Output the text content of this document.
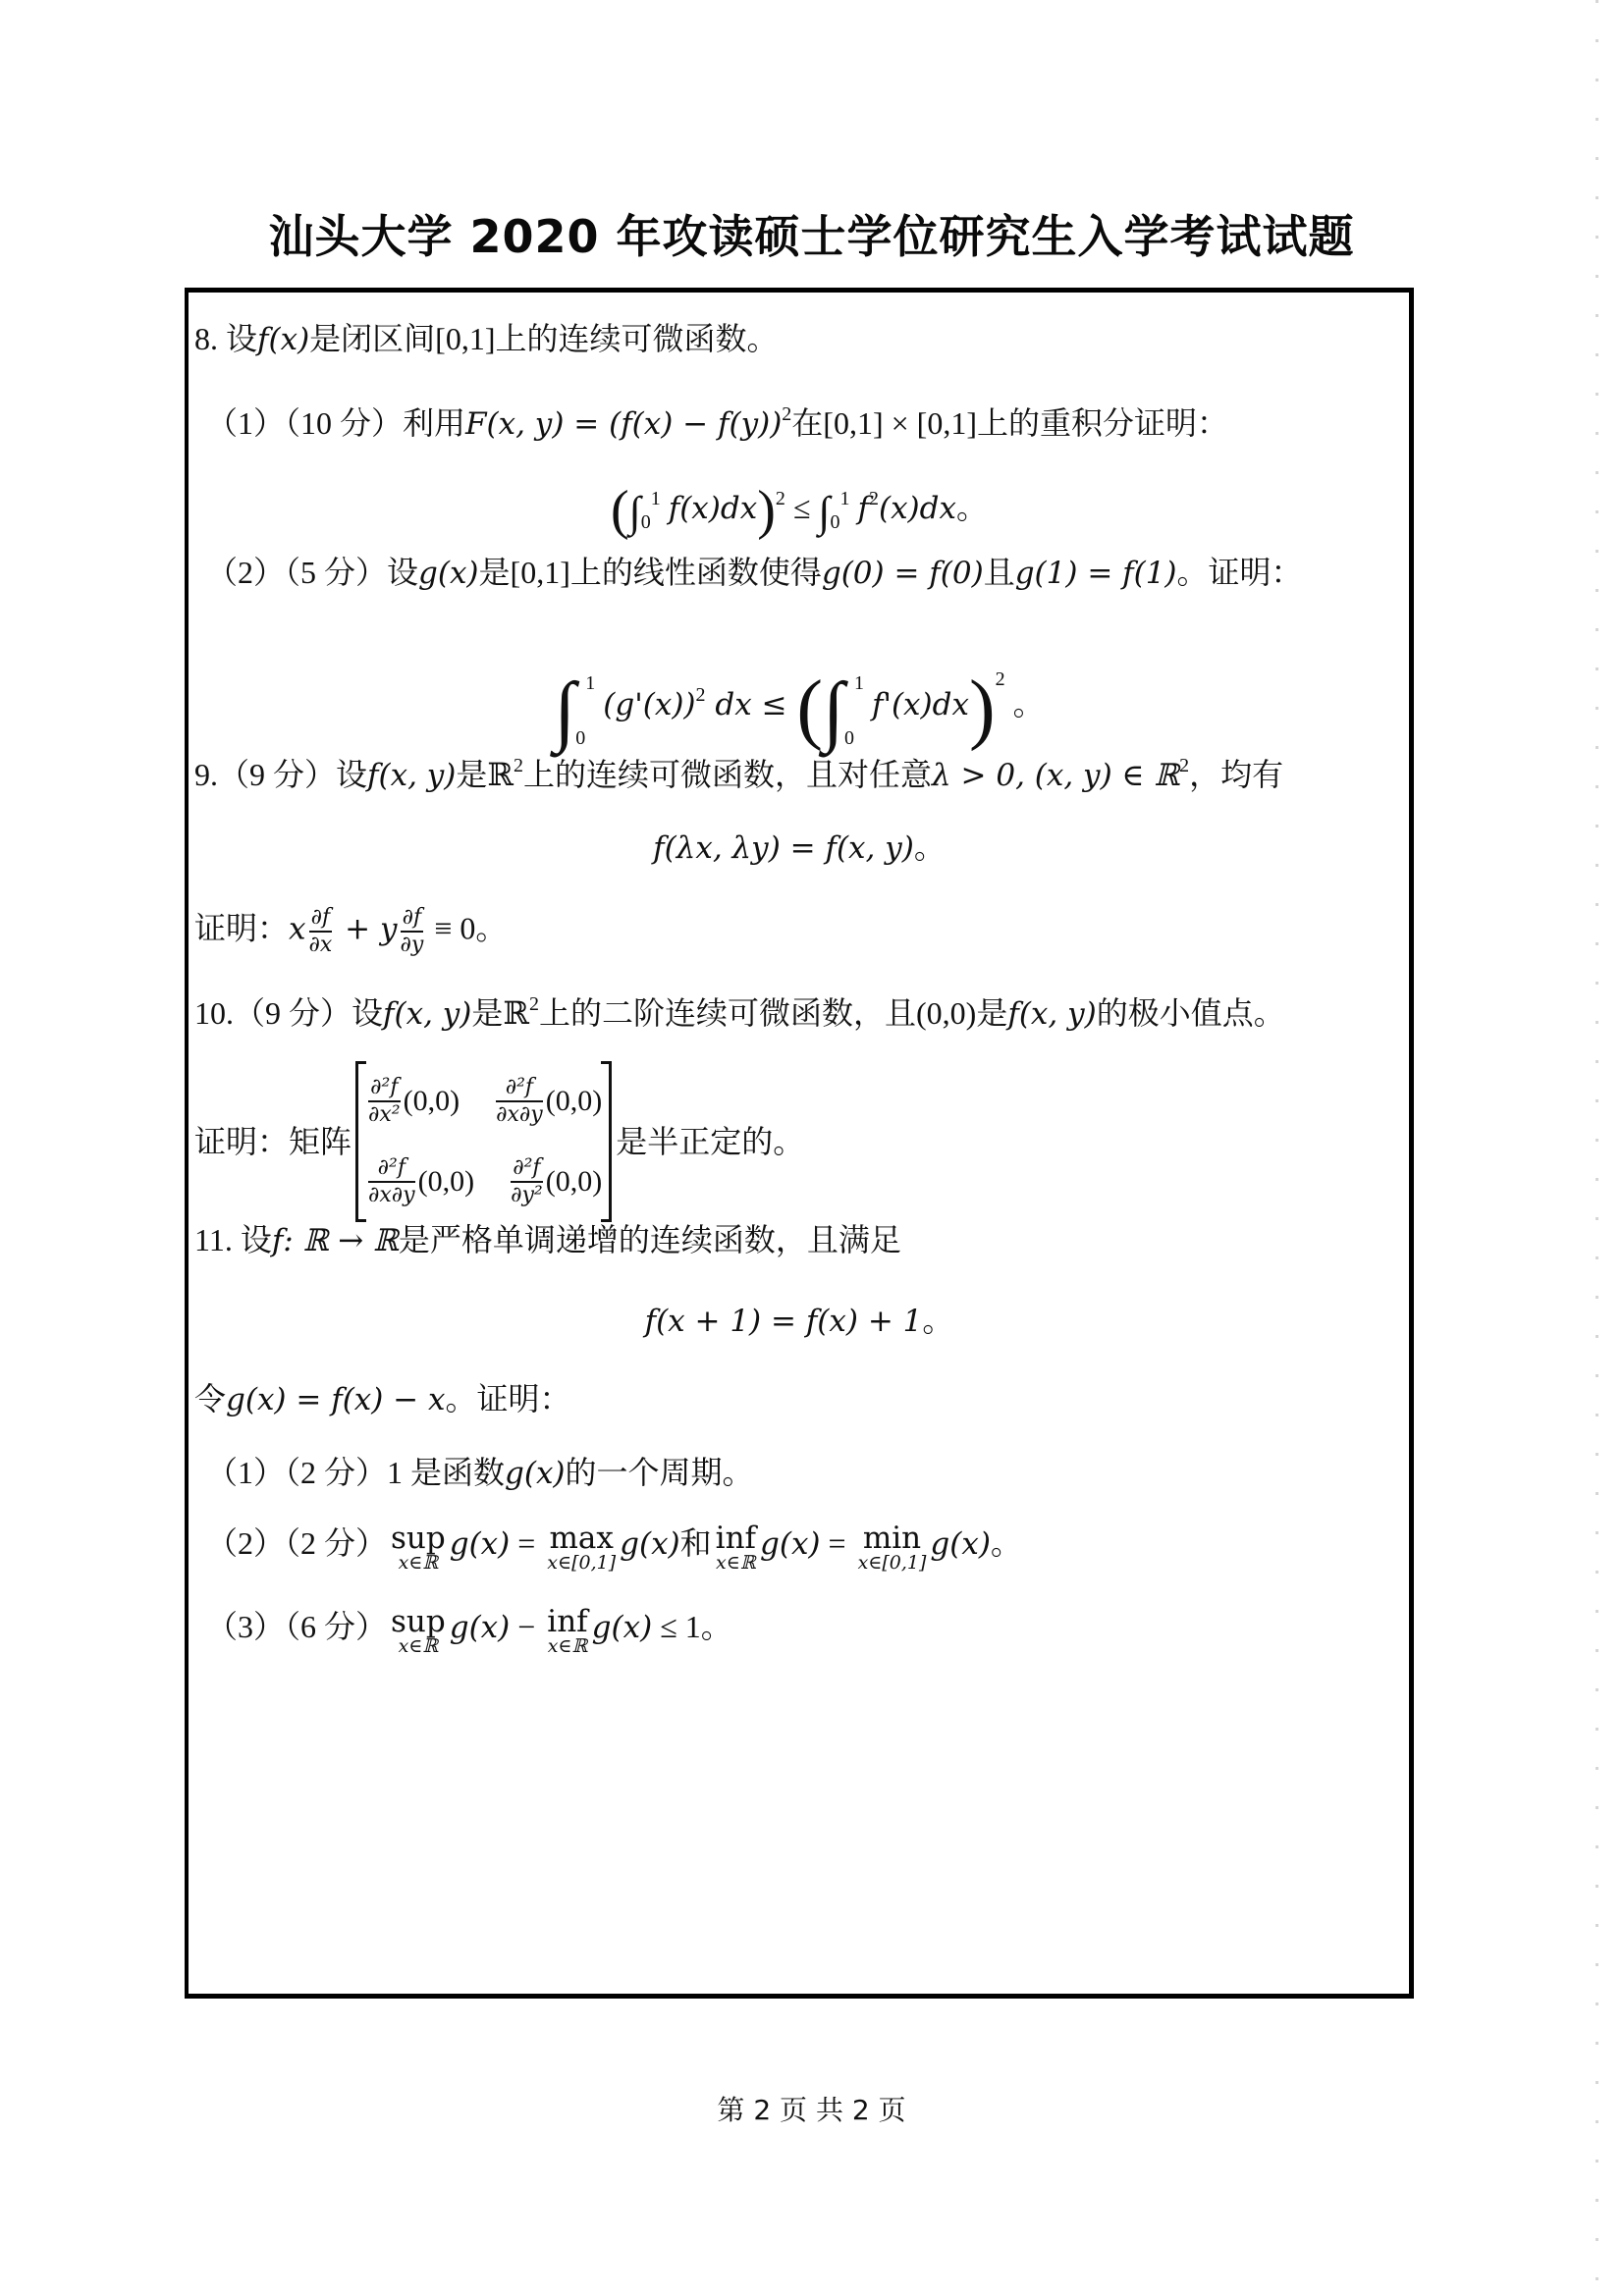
汕头大学 2020 年攻读硕士学位研究生入学考试试题
8. 设f(x)是闭区间[0,1]上的连续可微函数。
（1）（10 分）利用F(x, $y) = (f(x) - f(y))^2$在[0,1] × [0,1]上的重积分证明：
($\int_0^1$ $f(x)dx)^2 \le \int_0^1$ $f^2(x)dx$。
（2）（5 分）设g(x)是[0,1]上的线性函数使得g(0) = f(0)且g(1) = f(1)。证明：
$\int_0^1$ $(g'(x))^2$ dx ≤ ($\int_0^1$ f'(x)dx)$^2$ 。
9.（9 分）设f(x, y)是ℝ$^2$上的连续可微函数，且对任意λ > 0, (x, y) ∈ ℝ$^2$，均有
f(λx, λy) = f(x, y)。
证明：x $\frac{\partial f}{\partial x} + y \frac{\partial f}{\partial y} \equiv 0$。
10.（9 分）设f(x, y)是ℝ$^2$上的二阶连续可微函数，且(0,0)是f(x, y)的极小值点。
证明：矩阵
$\frac{\text{∂²f}}{\text{∂x²}} (0,0) \frac{\text{∂²f}}{\partial x\partial y} (0,0)$
$\frac{\text{∂²f}}{\partial x\partial y} (0,0) \frac{\text{∂²f}}{\text{∂y²}} (0,0)$
是半正定的。
11. 设f: ℝ → ℝ是严格单调递增的连续函数，且满足
f(x + 1) = f(x) + 1。
令g(x) = f(x) − x。证明：
（1）（2 分）1 是函数g(x)的一个周期。
（2）（2 分） sup
x∈ℝ
g(x) = max
x∈[0,1]
g(x)和 inf
x∈ℝ
g(x) = min
x∈[0,1]
g(x)。
（3）（6 分） sup
x∈ℝ
g(x) − inf
x∈ℝ
g(x) ≤ 1。
第 2 页 共 2 页
